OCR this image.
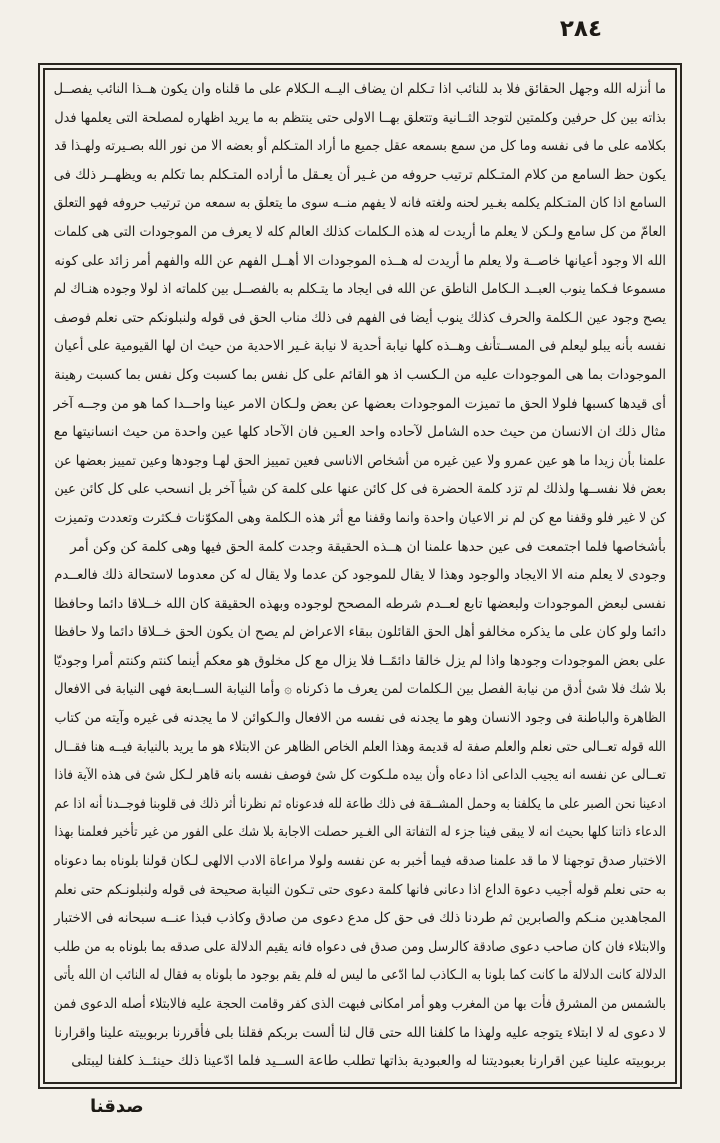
٢٨٤
ما أنزله الله وجهل الحقائق فلا بد للنائب اذا تـكلم ان يضاف اليــه الـكلام على ما قلناه وان يكون هــذا النائب يفصــل
بذاته بين كل حرفين وكلمتين لتوجد الثــانية وتتعلق بهــا الاولى حتى ينتظم به ما يريد اظهاره لمصلحة التى يعلمها فدل
بكلامه على ما فى نفسه وما كل من سمع بسمعه عقل جميع ما أراد المتـكلم أو بعضه الا من نور الله بصـيرته ولهـذا قد
يكون حظ السامع من كلام المتـكلم ترتيب حروفه من غـير أن يعـقل ما أراده المتـكلم بما تكلم به ويظهــر ذلك فى
السامع اذا كان المتـكلم يكلمه بغـير لحنه ولغته فانه لا يفهم منــه سوى ما يتعلق به سمعه من ترتيب حروفه فهو التعلق
العامّ من كل سامع ولـكن لا يعلم ما أريدت له هذه الـكلمات كذلك العالم كله لا يعرف من الموجودات التى هى كلمات
الله الا وجود أعيانها خاصــة ولا يعلم ما أريدت له هــذه الموجودات الا أهــل الفهم عن الله والفهم أمر زائد على كونه
مسموعا فـكما ينوب العبــد الـكامل الناطق عن الله فى ايجاد ما يتـكلم به بالفصــل بين كلماته اذ لولا وجوده هنـاك لم
يصح وجود عين الـكلمة والحرف كذلك ينوب أيضا فى الفهم فى ذلك مناب الحق فى قوله ولنبلونكم حتى نعلم فوصف
نفسه بأنه يبلو ليعلم فى المســتأنف وهــذه كلها نيابة أحدية لا نيابة غـير الاحدية من حيث ان لها القيومية على أعيان
الموجودات بما هى الموجودات عليه من الـكسب اذ هو القائم على كل نفس بما كسبت وكل نفس بما كسبت رهينة
أى قيدها كسبها فلولا الحق ما تميزت الموجودات بعضها عن بعض ولـكان الامر عينا واحــدا كما هو من وجــه آخر
مثال ذلك ان الانسان من حيث حده الشامل لآحاده واحد العـين فان الآحاد كلها عين واحدة من حيث انسانيتها مع
علمنا بأن زيدا ما هو عين عمرو ولا عين غيره من أشخاص الاناسى فعين تمييز الحق لهـا وجودها وعين تمييز بعضها عن
بعض فلا نفســها ولذلك لم تزد كلمة الحضرة فى كل كائن عنها على كلمة كن شيأ آخر بل انسحب على كل كائن عين
كن لا غير فلو وقفنا مع كن لم نر الاعيان واحدة وانما وقفنا مع أثر هذه الـكلمة وهى المكوّنات فـكثرت وتعددت وتميزت
بأشخاصها فلما اجتمعت فى عين حدها علمنا ان هــذه الحقيقة وجدت كلمة الحق فيها وهى كلمة كن وكن أمر
وجودى لا يعلم منه الا الايجاد والوجود وهذا لا يقال للموجود كن عدما ولا يقال له كن معدوما لاستحالة ذلك فالعــدم
نفسى لبعض الموجودات ولبعضها تابع لعــدم شرطه المصحح لوجوده وبهذه الحقيقة كان الله خــلاقا دائما وحافظا
دائما ولو كان على ما يذكره مخالفو أهل الحق القائلون ببقاء الاعراض لم يصح ان يكون الحق خــلاقا دائما ولا حافظا
على بعض الموجودات وجودها واذا لم يزل خالقا دائمًــا فلا يزال مع كل مخلوق هو معكم أينما كنتم وكنتم أمرا وجوديّا
بلا شك فلا شئ أدق من نيابة الفصل بين الـكلمات لمن يعرف ما ذكرناه ۞ وأما النيابة الســابعة فهى النيابة فى الافعال
الظاهرة والباطنة فى وجود الانسان وهو ما يجدنه فى نفسه من الافعال والـكوائن لا ما يجدنه فى غيره وآيته من كتاب
الله قوله تعــالى حتى نعلم والعلم صفة له قديمة وهذا العلم الخاص الظاهر عن الابتلاء هو ما يريد بالنيابة فيــه هنا فقــال
تعــالى عن نفسه انه يجيب الداعى اذا دعاه وأن بيده ملـكوت كل شئ فوصف نفسه بانه قاهر لـكل شئ فى هذه الآية فاذا
ادعينا نحن الصبر على ما يكلفنا به وحمل المشــقة فى ذلك طاعة لله فدعوناه ثم نظرنا أثر ذلك فى قلوبنا فوجــدنا أنه اذا عم
الدعاء ذاتنا كلها بحيث انه لا يبقى فينا جزء له التفاتة الى الغـير حصلت الاجابة بلا شك على الفور من غير تأخير فعلمنا بهذا
الاختبار صدق توجهنا لا ما قد علمنا صدقه فيما أخبر به عن نفسه ولولا مراعاة الادب الالهى لـكان قولنا بلوناه بما دعوناه
به حتى نعلم قوله أجيب دعوة الداع اذا دعانى فانها كلمة دعوى حتى تـكون النيابة صحيحة فى قوله ولنبلونـكم حتى نعلم
المجاهدين منـكم والصابرين ثم طردنا ذلك فى حق كل مدع دعوى من صادق وكاذب فبذا عنــه سبحانه فى الاختبار
والابتلاء فان كان صاحب دعوى صادقة كالرسل ومن صدق فى دعواه فانه يقيم الدلالة على صدقه بما بلوناه به من طلب
الدلالة كانت الدلالة ما كانت كما بلونا به الـكاذب لما ادّعى ما ليس له فلم يقم بوجود ما بلوناه به فقال له النائب ان الله يأتى
بالشمس من المشرق فأت بها من المغرب وهو أمر امكانى فبهت الذى كفر وقامت الحجة عليه فالابتلاء أصله الدعوى فمن
لا دعوى له لا ابتلاء يتوجه عليه ولهذا ما كلفنا الله حتى قال لنا ألست بربكم فقلنا بلى فأقررنا بربوبيته علينا واقرارنا
بربوبيته علينا عين اقرارنا بعبوديتنا له والعبودية بذاتها تطلب طاعة الســيد فلما ادّعينا ذلك حينئــذ كلفنا ليبتلى
صدقنا
